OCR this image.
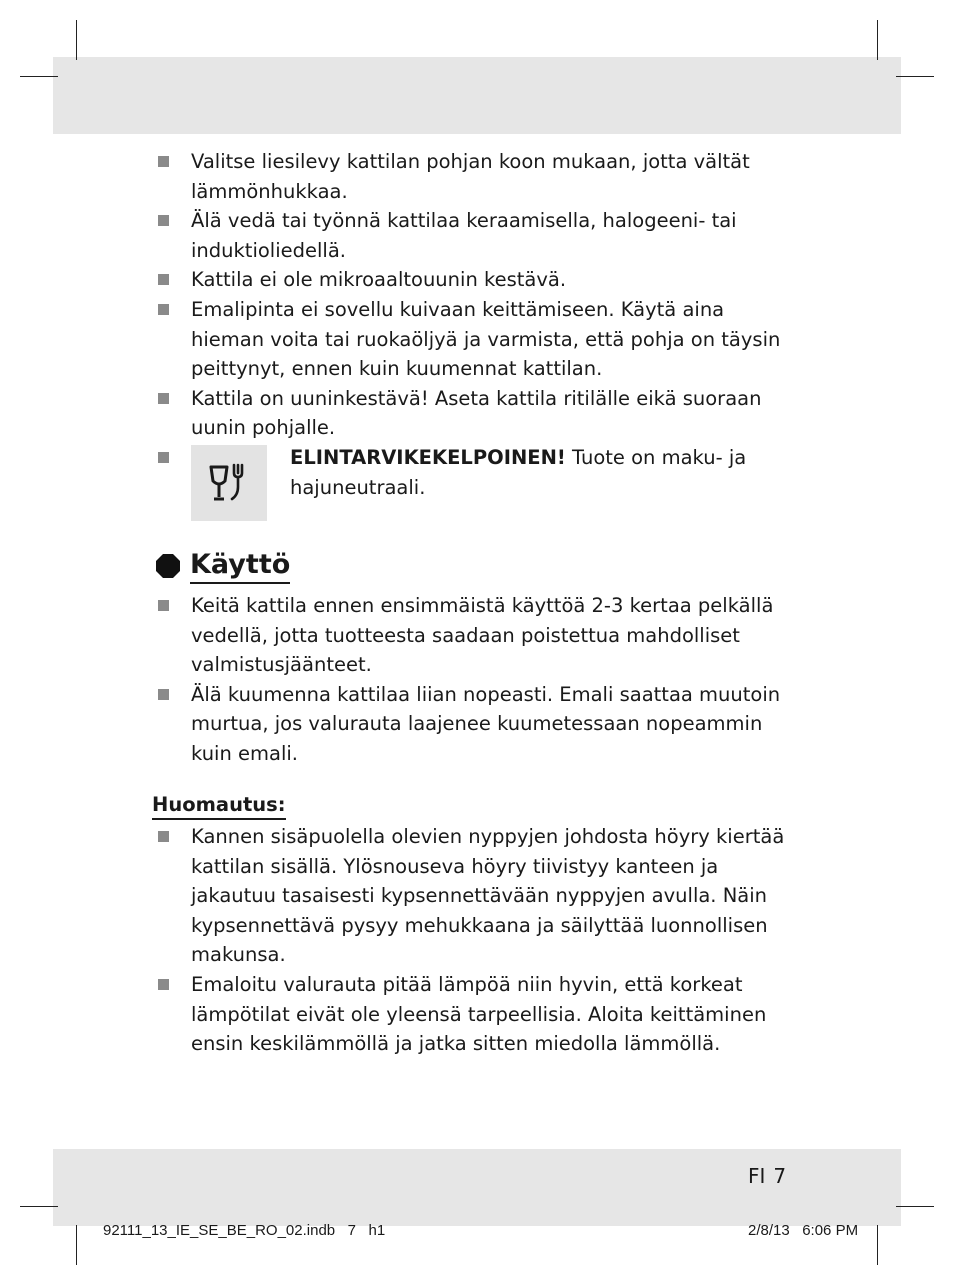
Valitse liesilevy kattilan pohjan koon mukaan, jotta vältät lämmönhukkaa.
Älä vedä tai työnnä kattilaa keraamisella, halogeeni- tai induktioliedellä.
Kattila ei ole mikroaaltouunin kestävä.
Emalipinta ei sovellu kuivaan keittämiseen. Käytä aina hieman voita tai ruokaöljyä ja varmista, että pohja on täysin peittynyt, ennen kuin kuumennat kattilan.
Kattila on uuninkestävä! Aseta kattila ritilälle eikä suoraan uunin pohjalle.
ELINTARVIKEKELPOINEN! Tuote on maku- ja hajuneutraali.
Käyttö
Keitä kattila ennen ensimmäistä käyttöä 2-3 kertaa pelkällä vedellä, jotta tuotteesta saadaan poistettua mahdolliset valmistusjäänteet.
Älä kuumenna kattilaa liian nopeasti. Emali saattaa muutoin murtua, jos valurauta laajenee kuumetessaan nopeammin kuin emali.
Huomautus:
Kannen sisäpuolella olevien nyppyjen johdosta höyry kiertää kattilan sisällä. Ylösnouseva höyry tiivistyy kanteen ja jakautuu tasaisesti kypsennettävään nyppyjen avulla. Näin kypsennettävä pysyy mehukkaana ja säilyttää luonnollisen makunsa.
Emaloitu valurauta pitää lämpöä niin hyvin, että korkeat lämpötilat eivät ole yleensä tarpeellisia. Aloita keittäminen ensin keskilämmöllä ja jatka sitten miedolla lämmöllä.
FI 7
92111_13_IE_SE_BE_RO_02.indb   7   h1	2/8/13   6:06 PM
